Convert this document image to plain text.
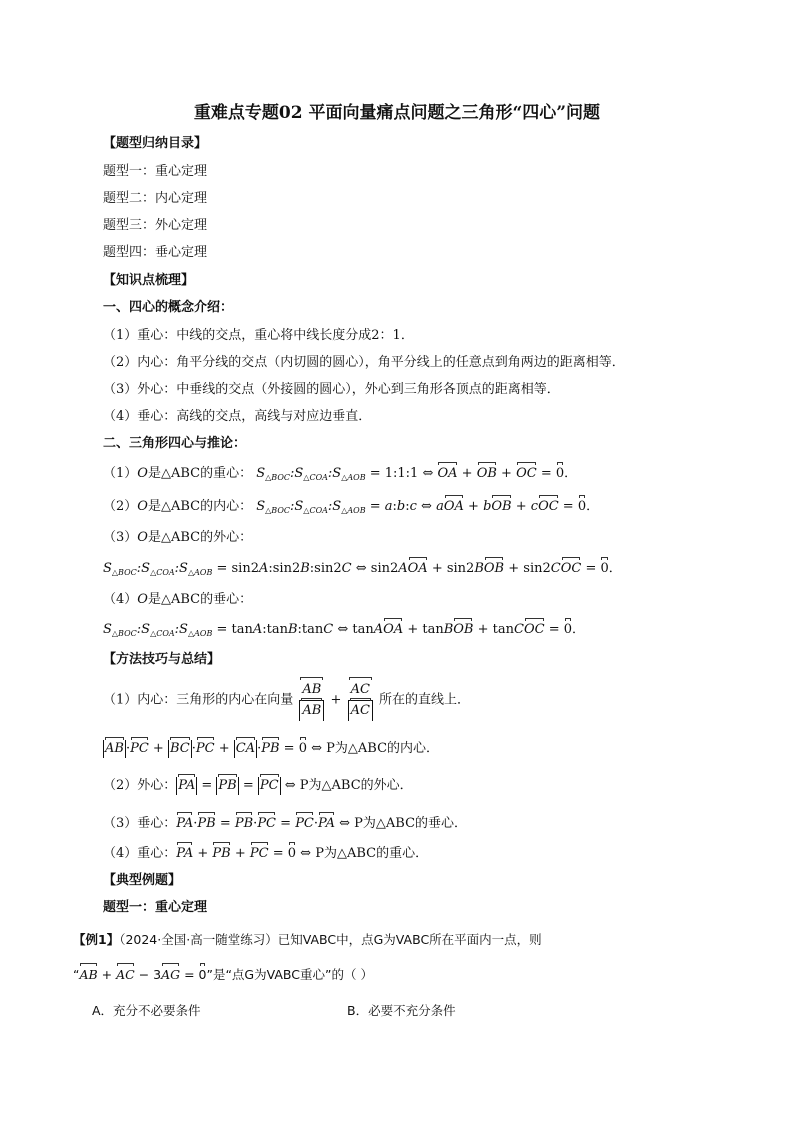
重难点专题02 平面向量痛点问题之三角形“四心”问题
【题型归纳目录】
题型一：重心定理
题型二：内心定理
题型三：外心定理
题型四：垂心定理
【知识点梳理】
一、四心的概念介绍：
（1）重心：中线的交点，重心将中线长度分成2：1．
（2）内心：角平分线的交点（内切圆的圆心），角平分线上的任意点到角两边的距离相等．
（3）外心：中垂线的交点（外接圆的圆心），外心到三角形各顶点的距离相等．
（4）垂心：高线的交点，高线与对应边垂直．
二、三角形四心与推论：
（1）O是△ABC的重心： $S_{\triangle BOC}:S_{\triangle COA}:S_{\triangle AOB}$ = 1:1:1 ⇔ OA + OB + OC = 0．
（2）O是△ABC的内心： $S_{\triangle BOC}:S_{\triangle COA}:S_{\triangle AOB}$ = a:b:c ⇔ aOA + bOB + cOC = 0．
（3）O是△ABC的外心：
$S_{\triangle BOC}:S_{\triangle COA}:S_{\triangle AOB}$ = sin2A:sin2B:sin2C ⇔ sin2AOA + sin2BOB + sin2COC = 0．
（4）O是△ABC的垂心：
$S_{\triangle BOC}:S_{\triangle COA}:S_{\triangle AOB}$ = tanA:tanB:tanC ⇔ tanAOA + tanBOB + tanCOC = 0．
【方法技巧与总结】
（1）内心：三角形的内心在向量 $\frac{AB}{AB} + \frac{AC}{AC}$ 所在的直线上．
AB ·PC + BC ·PC + CA ·PB = 0 ⇔ P为△ABC的内心．
（2）外心： PA = PB = PC ⇔ P为△ABC的外心．
（3）垂心：PA·PB = PB·PC = PC·PA ⇔ P为△ABC的垂心．
（4）重心：PA + PB + PC = 0 ⇔ P为△ABC的重心．
【典型例题】
题型一：重心定理
【例1】（2024·全国·高一随堂练习）已知VABC中，点G为VABC所在平面内一点，则
“AB + AC − 3AG = 0”是“点G为VABC重心”的（ ）
A．充分不必要条件	B．必要不充分条件
